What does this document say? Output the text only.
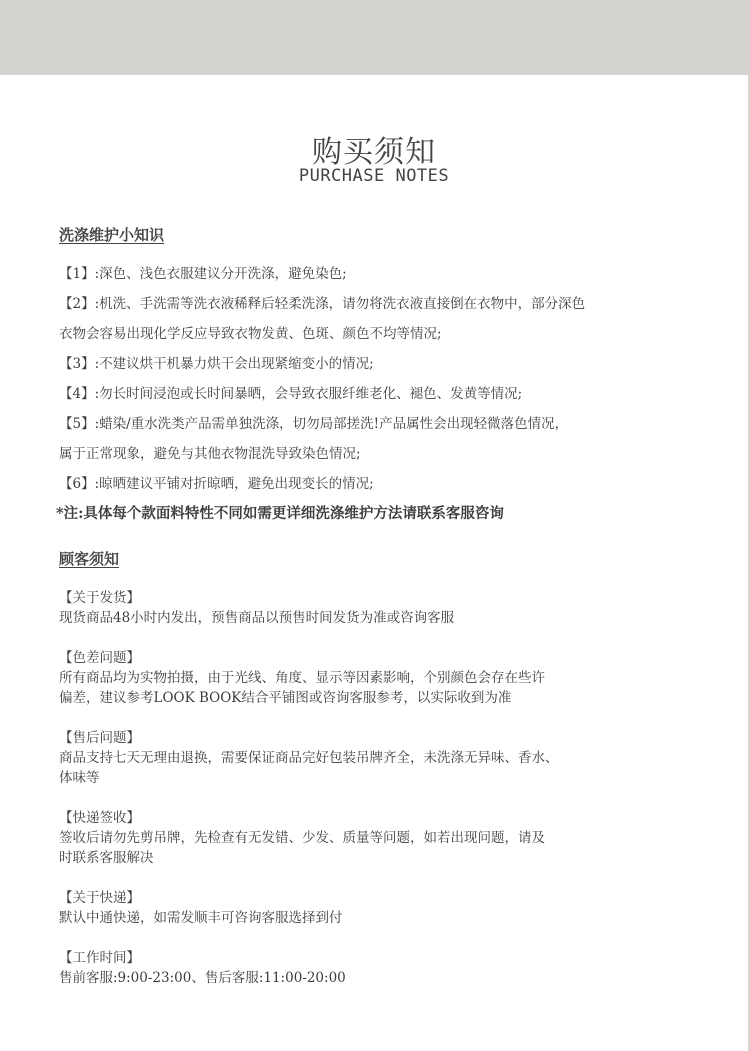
购买须知
PURCHASE NOTES
洗涤维护小知识
【1】:深色、浅色衣服建议分开洗涤，避免染色;
【2】:机洗、手洗需等洗衣液稀释后轻柔洗涤，请勿将洗衣液直接倒在衣物中，部分深色
衣物会容易出现化学反应导致衣物发黄、色斑、颜色不均等情况;
【3】:不建议烘干机暴力烘干会出现紧缩变小的情况;
【4】:勿长时间浸泡或长时间暴晒，会导致衣服纤维老化、褪色、发黄等情况;
【5】:蜡染/重水洗类产品需单独洗涤，切勿局部搓洗!产品属性会出现轻微落色情况，
属于正常现象，避免与其他衣物混洗导致染色情况;
【6】:晾晒建议平铺对折晾晒，避免出现变长的情况;
*注:具体每个款面料特性不同如需更详细洗涤维护方法请联系客服咨询
顾客须知
【关于发货】
现货商品48小时内发出，预售商品以预售时间发货为准或咨询客服
【色差问题】
所有商品均为实物拍摄，由于光线、角度、显示等因素影响，个别颜色会存在些许
偏差，建议参考LOOK BOOK结合平铺图或咨询客服参考，以实际收到为准
【售后问题】
商品支持七天无理由退换，需要保证商品完好包装吊牌齐全，未洗涤无异味、香水、
体味等
【快递签收】
签收后请勿先剪吊牌，先检查有无发错、少发、质量等问题，如若出现问题，请及
时联系客服解决
【关于快递】
默认中通快递，如需发顺丰可咨询客服选择到付
【工作时间】
售前客服:9:00-23:00、售后客服:11:00-20:00
